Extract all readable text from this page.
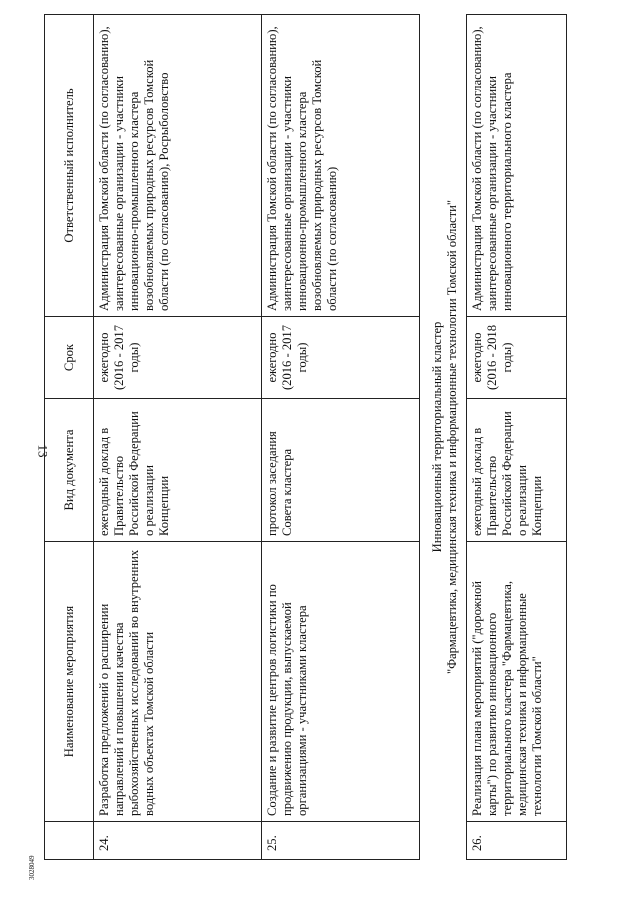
13
	Наименование мероприятия	Вид документа	Срок	Ответственный исполнитель
24.	Разработка предложений о расширении направлений и повышении качества рыбохозяйственных исследований во внутренних водных объектах Томской области	ежегодный доклад в Правительство Российской Федерации о реализации Концепции	ежегодно (2016 - 2017 годы)	Администрация Томской области (по согласованию), заинтересованные организации - участники инновационно-промышленного кластера возобновляемых природных ресурсов Томской области (по согласованию), Росрыболовство
25.	Создание и развитие центров логистики по продвижению продукции, выпускаемой организациями - участниками кластера	протокол заседания Совета кластера	ежегодно (2016 - 2017 годы)	Администрация Томской области (по согласованию), заинтересованные организации - участники инновационно-промышленного кластера возобновляемых природных ресурсов Томской области (по согласованию)

Инновационный территориальный кластер "Фармацевтика, медицинская техника и информационные технологии Томской области"				

26.	Реализация плана мероприятий ("дорожной карты") по развитию инновационного территориального кластера "Фармацевтика, медицинская техника и информационные технологии Томской области"	ежегодный доклад в Правительство Российской Федерации о реализации Концепции	ежегодно (2016 - 2018 годы)	Администрация Томской области (по согласованию), заинтересованные организации - участники инновационного территориального кластера
3028049
